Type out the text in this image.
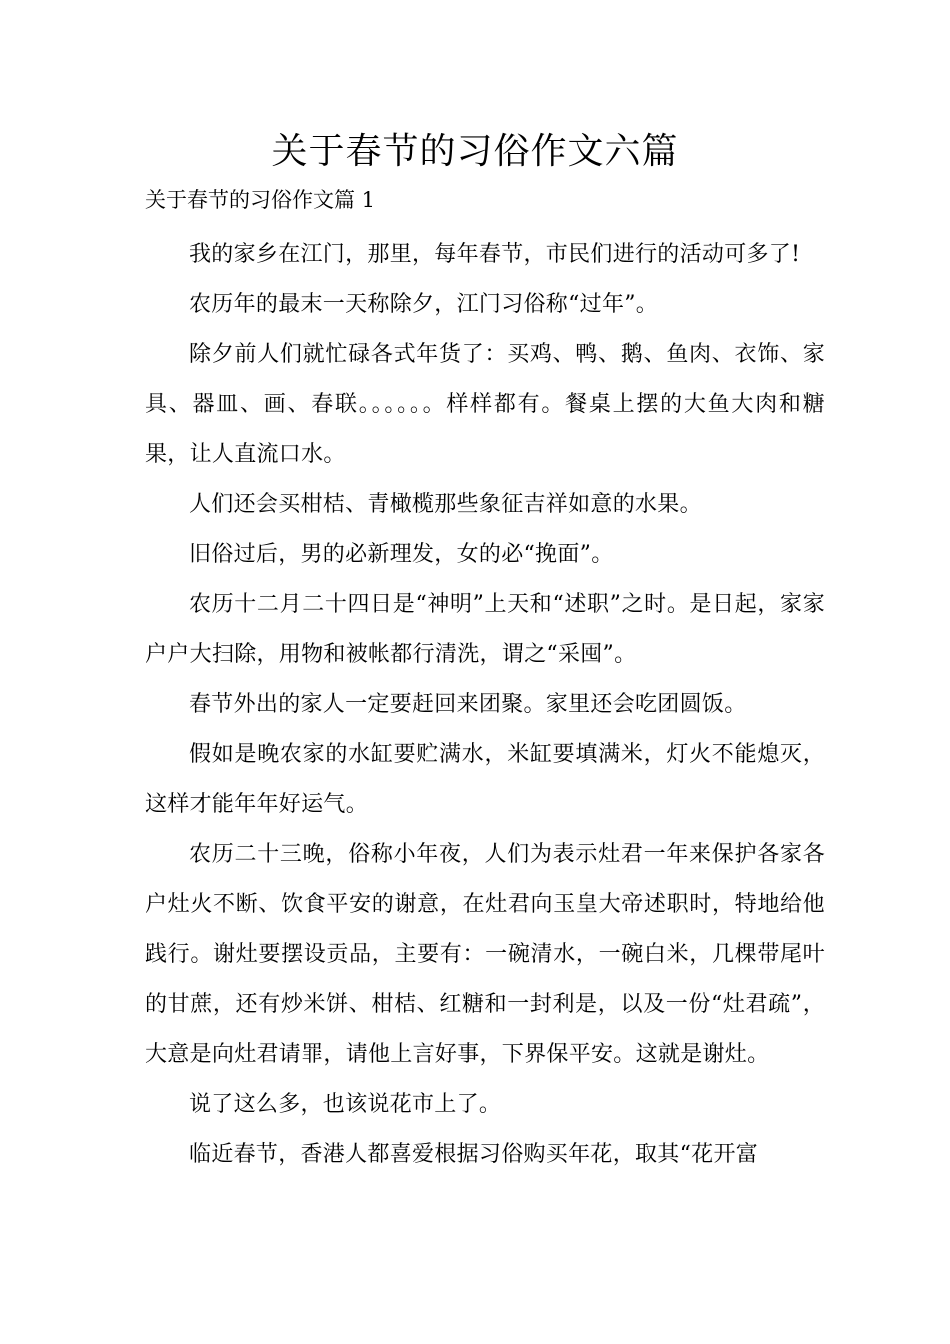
关于春节的习俗作文六篇
关于春节的习俗作文篇 1

我的家乡在江门，那里，每年春节，市民们进行的活动可多了!

农历年的最末一天称除夕，江门习俗称“过年”。

除夕前人们就忙碌各式年货了：买鸡、鸭、鹅、鱼肉、衣饰、家具、器皿、画、春联。。。。。。样样都有。餐桌上摆的大鱼大肉和糖果，让人直流口水。

人们还会买柑桔、青橄榄那些象征吉祥如意的水果。

旧俗过后，男的必新理发，女的必“挽面”。

农历十二月二十四日是“神明”上天和“述职”之时。是日起，家家户户大扫除，用物和被帐都行清洗，谓之“采囤”。

春节外出的家人一定要赶回来团聚。家里还会吃团圆饭。

假如是晚农家的水缸要贮满水，米缸要填满米，灯火不能熄灭，这样才能年年好运气。

农历二十三晚，俗称小年夜，人们为表示灶君一年来保护各家各户灶火不断、饮食平安的谢意，在灶君向玉皇大帝述职时，特地给他践行。谢灶要摆设贡品，主要有：一碗清水，一碗白米，几棵带尾叶的甘蔗，还有炒米饼、柑桔、红糖和一封利是，以及一份“灶君疏”，大意是向灶君请罪，请他上言好事，下界保平安。这就是谢灶。

说了这么多，也该说花市上了。

临近春节，香港人都喜爱根据习俗购买年花，取其“花开富
